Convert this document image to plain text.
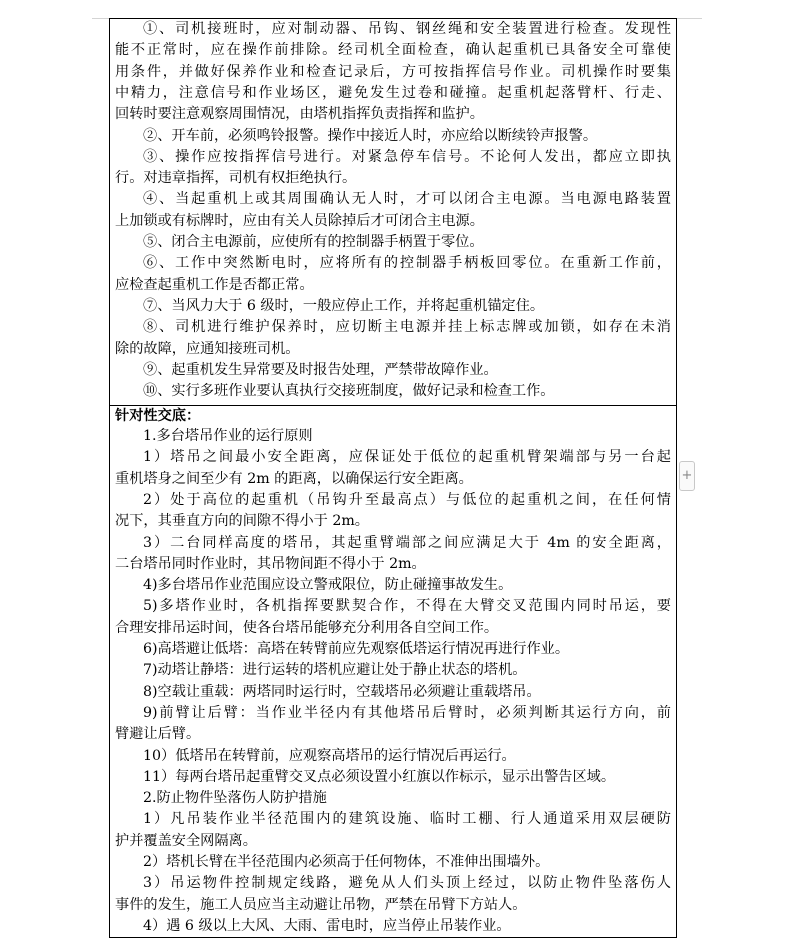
①、司机接班时，应对制动器、吊钩、钢丝绳和安全装置进行检查。发现性
能不正常时，应在操作前排除。经司机全面检查，确认起重机已具备安全可靠使
用条件，并做好保养作业和检查记录后，方可按指挥信号作业。司机操作时要集
中精力，注意信号和作业场区，避免发生过卷和碰撞。起重机起落臂杆、行走、
回转时要注意观察周围情况，由塔机指挥负责指挥和监护。
②、开车前，必须鸣铃报警。操作中接近人时，亦应给以断续铃声报警。
③、操作应按指挥信号进行。对紧急停车信号。不论何人发出，都应立即执
行。对违章指挥，司机有权拒绝执行。
④、当起重机上或其周围确认无人时，才可以闭合主电源。当电源电路装置
上加锁或有标牌时，应由有关人员除掉后才可闭合主电源。
⑤、闭合主电源前，应使所有的控制器手柄置于零位。
⑥、工作中突然断电时，应将所有的控制器手柄板回零位。在重新工作前，
应检查起重机工作是否都正常。
⑦、当风力大于 6 级时，一般应停止工作，并将起重机锚定住。
⑧、司机进行维护保养时，应切断主电源并挂上标志牌或加锁，如存在未消
除的故障，应通知接班司机。
⑨、起重机发生异常要及时报告处理，严禁带故障作业。
⑩、实行多班作业要认真执行交接班制度，做好记录和检查工作。
针对性交底：
1.多台塔吊作业的运行原则
1）塔吊之间最小安全距离，应保证处于低位的起重机臂架端部与另一台起
重机塔身之间至少有 2m 的距离，以确保运行安全距离。
2）处于高位的起重机（吊钩升至最高点）与低位的起重机之间，在任何情
况下，其垂直方向的间隙不得小于 2m。
3）二台同样高度的塔吊，其起重臂端部之间应满足大于 4m 的安全距离，
二台塔吊同时作业时，其吊物间距不得小于 2m。
4)多台塔吊作业范围应设立警戒限位，防止碰撞事故发生。
5)多塔作业时，各机指挥要默契合作，不得在大臂交叉范围内同时吊运，要
合理安排吊运时间，使各台塔吊能够充分利用各自空间工作。
6)高塔避让低塔：高塔在转臂前应先观察低塔运行情况再进行作业。
7)动塔让静塔：进行运转的塔机应避让处于静止状态的塔机。
8)空载让重载：两塔同时运行时，空载塔吊必须避让重载塔吊。
9)前臂让后臂：当作业半径内有其他塔吊后臂时，必须判断其运行方向，前
臂避让后臂。
10）低塔吊在转臂前，应观察高塔吊的运行情况后再运行。
11）每两台塔吊起重臂交叉点必须设置小红旗以作标示，显示出警告区域。
2.防止物件坠落伤人防护措施
1）凡吊装作业半径范围内的建筑设施、临时工棚、行人通道采用双层硬防
护并覆盖安全网隔离。
2）塔机长臂在半径范围内必须高于任何物体，不准伸出围墙外。
3）吊运物件控制规定线路，避免从人们头顶上经过，以防止物件坠落伤人
事件的发生，施工人员应当主动避让吊物，严禁在吊臂下方站人。
4）遇 6 级以上大风、大雨、雷电时，应当停止吊装作业。
+
